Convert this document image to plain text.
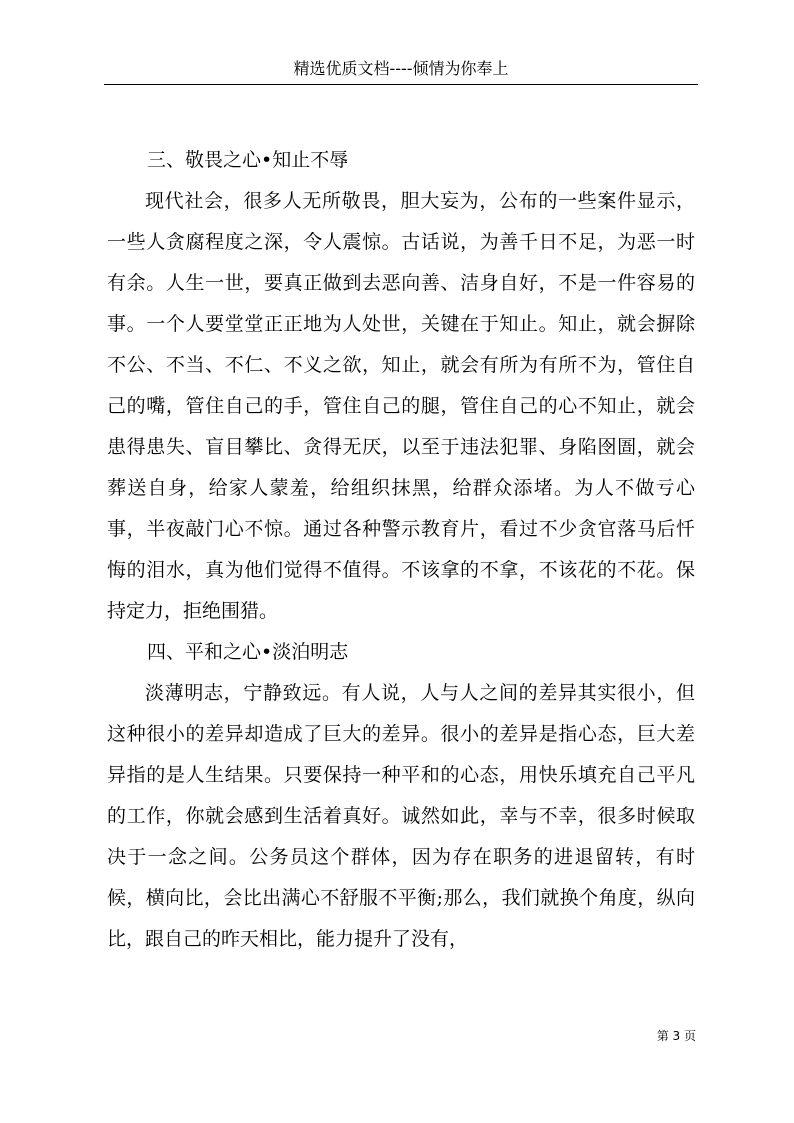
精选优质文档----倾情为你奉上

三、敬畏之心•知止不辱

现代社会，很多人无所敬畏，胆大妄为，公布的一些案件显示，一些人贪腐程度之深，令人震惊。古话说，为善千日不足，为恶一时有余。人生一世，要真正做到去恶向善、洁身自好，不是一件容易的事。一个人要堂堂正正地为人处世，关键在于知止。知止，就会摒除不公、不当、不仁、不义之欲，知止，就会有所为有所不为，管住自己的嘴，管住自己的手，管住自己的腿，管住自己的心不知止，就会患得患失、盲目攀比、贪得无厌，以至于违法犯罪、身陷囹圄，就会葬送自身，给家人蒙羞，给组织抹黑，给群众添堵。为人不做亏心事，半夜敲门心不惊。通过各种警示教育片，看过不少贪官落马后忏悔的泪水，真为他们觉得不值得。不该拿的不拿，不该花的不花。保持定力，拒绝围猎。

四、平和之心•淡泊明志

淡薄明志，宁静致远。有人说，人与人之间的差异其实很小，但这种很小的差异却造成了巨大的差异。很小的差异是指心态，巨大差异指的是人生结果。只要保持一种平和的心态，用快乐填充自己平凡的工作，你就会感到生活着真好。诚然如此，幸与不幸，很多时候取决于一念之间。公务员这个群体，因为存在职务的进退留转，有时候，横向比，会比出满心不舒服不平衡;那么，我们就换个角度，纵向比，跟自己的昨天相比，能力提升了没有，

第 3 页
